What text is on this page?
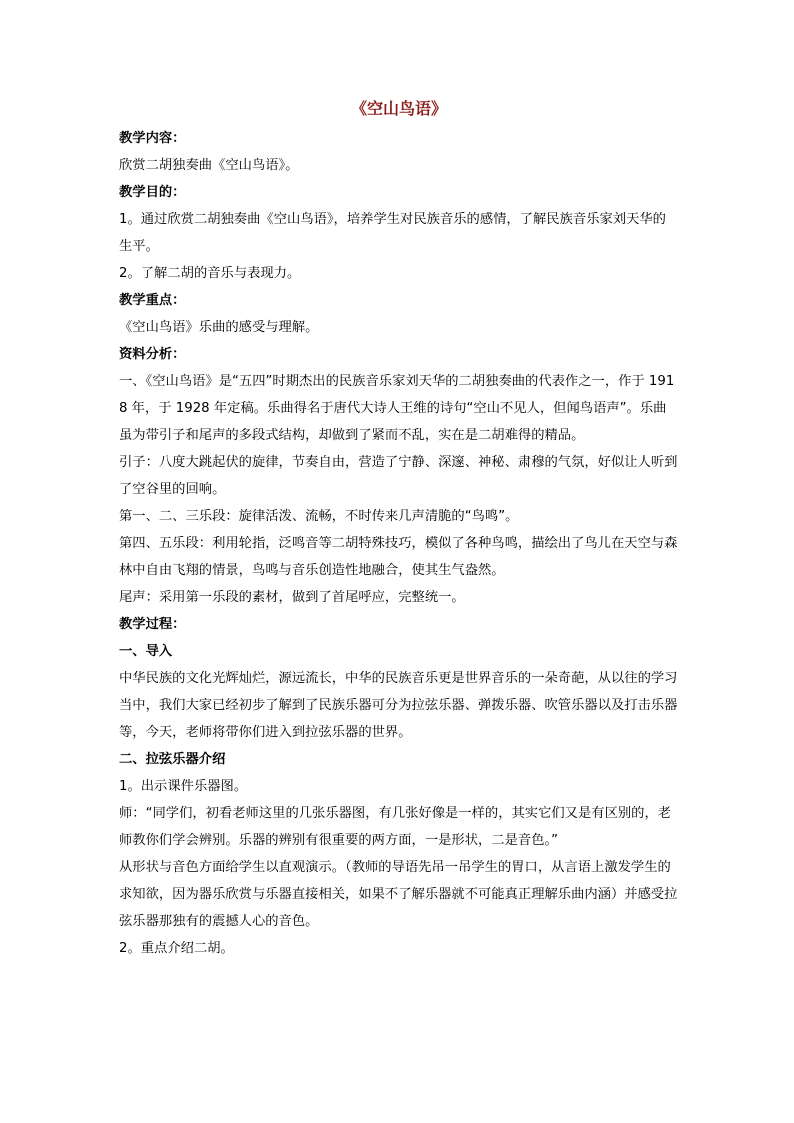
《空山鸟语》
教学内容：
欣赏二胡独奏曲《空山鸟语》。
教学目的：
1。通过欣赏二胡独奏曲《空山鸟语》，培养学生对民族音乐的感情，了解民族音乐家刘天华的生平。
2。了解二胡的音乐与表现力。
教学重点：
《空山鸟语》乐曲的感受与理解。
资料分析：
一、《空山鸟语》是“五四”时期杰出的民族音乐家刘天华的二胡独奏曲的代表作之一，作于 1918 年，于 1928 年定稿。乐曲得名于唐代大诗人王维的诗句“空山不见人，但闻鸟语声”。乐曲虽为带引子和尾声的多段式结构，却做到了紧而不乱，实在是二胡难得的精品。
引子：八度大跳起伏的旋律，节奏自由，营造了宁静、深邃、神秘、肃穆的气氛，好似让人听到了空谷里的回响。
第一、二、三乐段：旋律活泼、流畅，不时传来几声清脆的“鸟鸣”。
第四、五乐段：利用轮指，泛鸣音等二胡特殊技巧，模似了各种鸟鸣，描绘出了鸟儿在天空与森林中自由飞翔的情景，鸟鸣与音乐创造性地融合，使其生气盎然。
尾声：采用第一乐段的素材，做到了首尾呼应，完整统一。
教学过程：
一、导入
中华民族的文化光辉灿烂，源远流长，中华的民族音乐更是世界音乐的一朵奇葩，从以往的学习当中，我们大家已经初步了解到了民族乐器可分为拉弦乐器、弹拨乐器、吹管乐器以及打击乐器等，今天，老师将带你们进入到拉弦乐器的世界。
二、拉弦乐器介绍
1。出示课件乐器图。
师：“同学们，初看老师这里的几张乐器图，有几张好像是一样的，其实它们又是有区别的，老师教你们学会辨别。乐器的辨别有很重要的两方面，一是形状，二是音色。”
从形状与音色方面给学生以直观演示。（教师的导语先吊一吊学生的胃口，从言语上激发学生的求知欲，因为器乐欣赏与乐器直接相关，如果不了解乐器就不可能真正理解乐曲内涵）并感受拉弦乐器那独有的震撼人心的音色。
2。重点介绍二胡。
